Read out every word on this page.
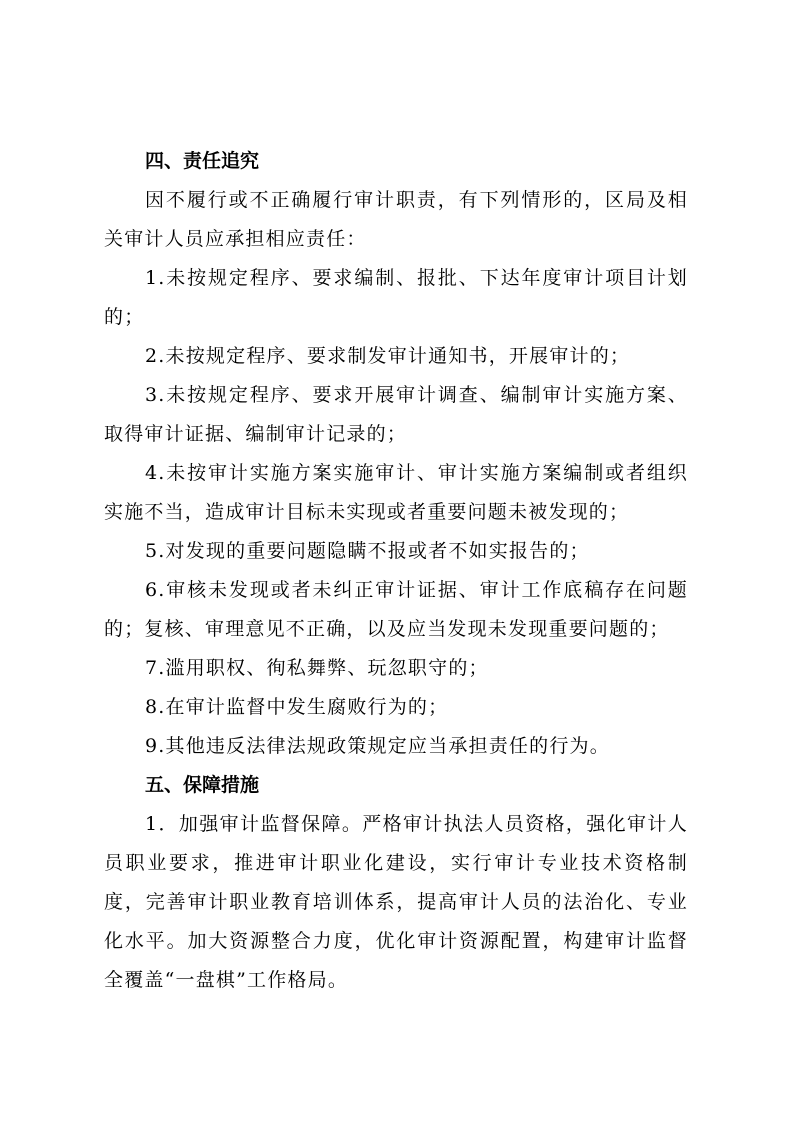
四、责任追究

因不履行或不正确履行审计职责，有下列情形的，区局及相关审计人员应承担相应责任：

1.未按规定程序、要求编制、报批、下达年度审计项目计划的；

2.未按规定程序、要求制发审计通知书，开展审计的；

3.未按规定程序、要求开展审计调查、编制审计实施方案、取得审计证据、编制审计记录的；

4.未按审计实施方案实施审计、审计实施方案编制或者组织实施不当，造成审计目标未实现或者重要问题未被发现的；

5.对发现的重要问题隐瞒不报或者不如实报告的；

6.审核未发现或者未纠正审计证据、审计工作底稿存在问题的；复核、审理意见不正确，以及应当发现未发现重要问题的；

7.滥用职权、徇私舞弊、玩忽职守的；

8.在审计监督中发生腐败行为的；

9.其他违反法律法规政策规定应当承担责任的行为。

五、保障措施

1．加强审计监督保障。严格审计执法人员资格，强化审计人员职业要求，推进审计职业化建设，实行审计专业技术资格制度，完善审计职业教育培训体系，提高审计人员的法治化、专业化水平。加大资源整合力度，优化审计资源配置，构建审计监督全覆盖“一盘棋”工作格局。
